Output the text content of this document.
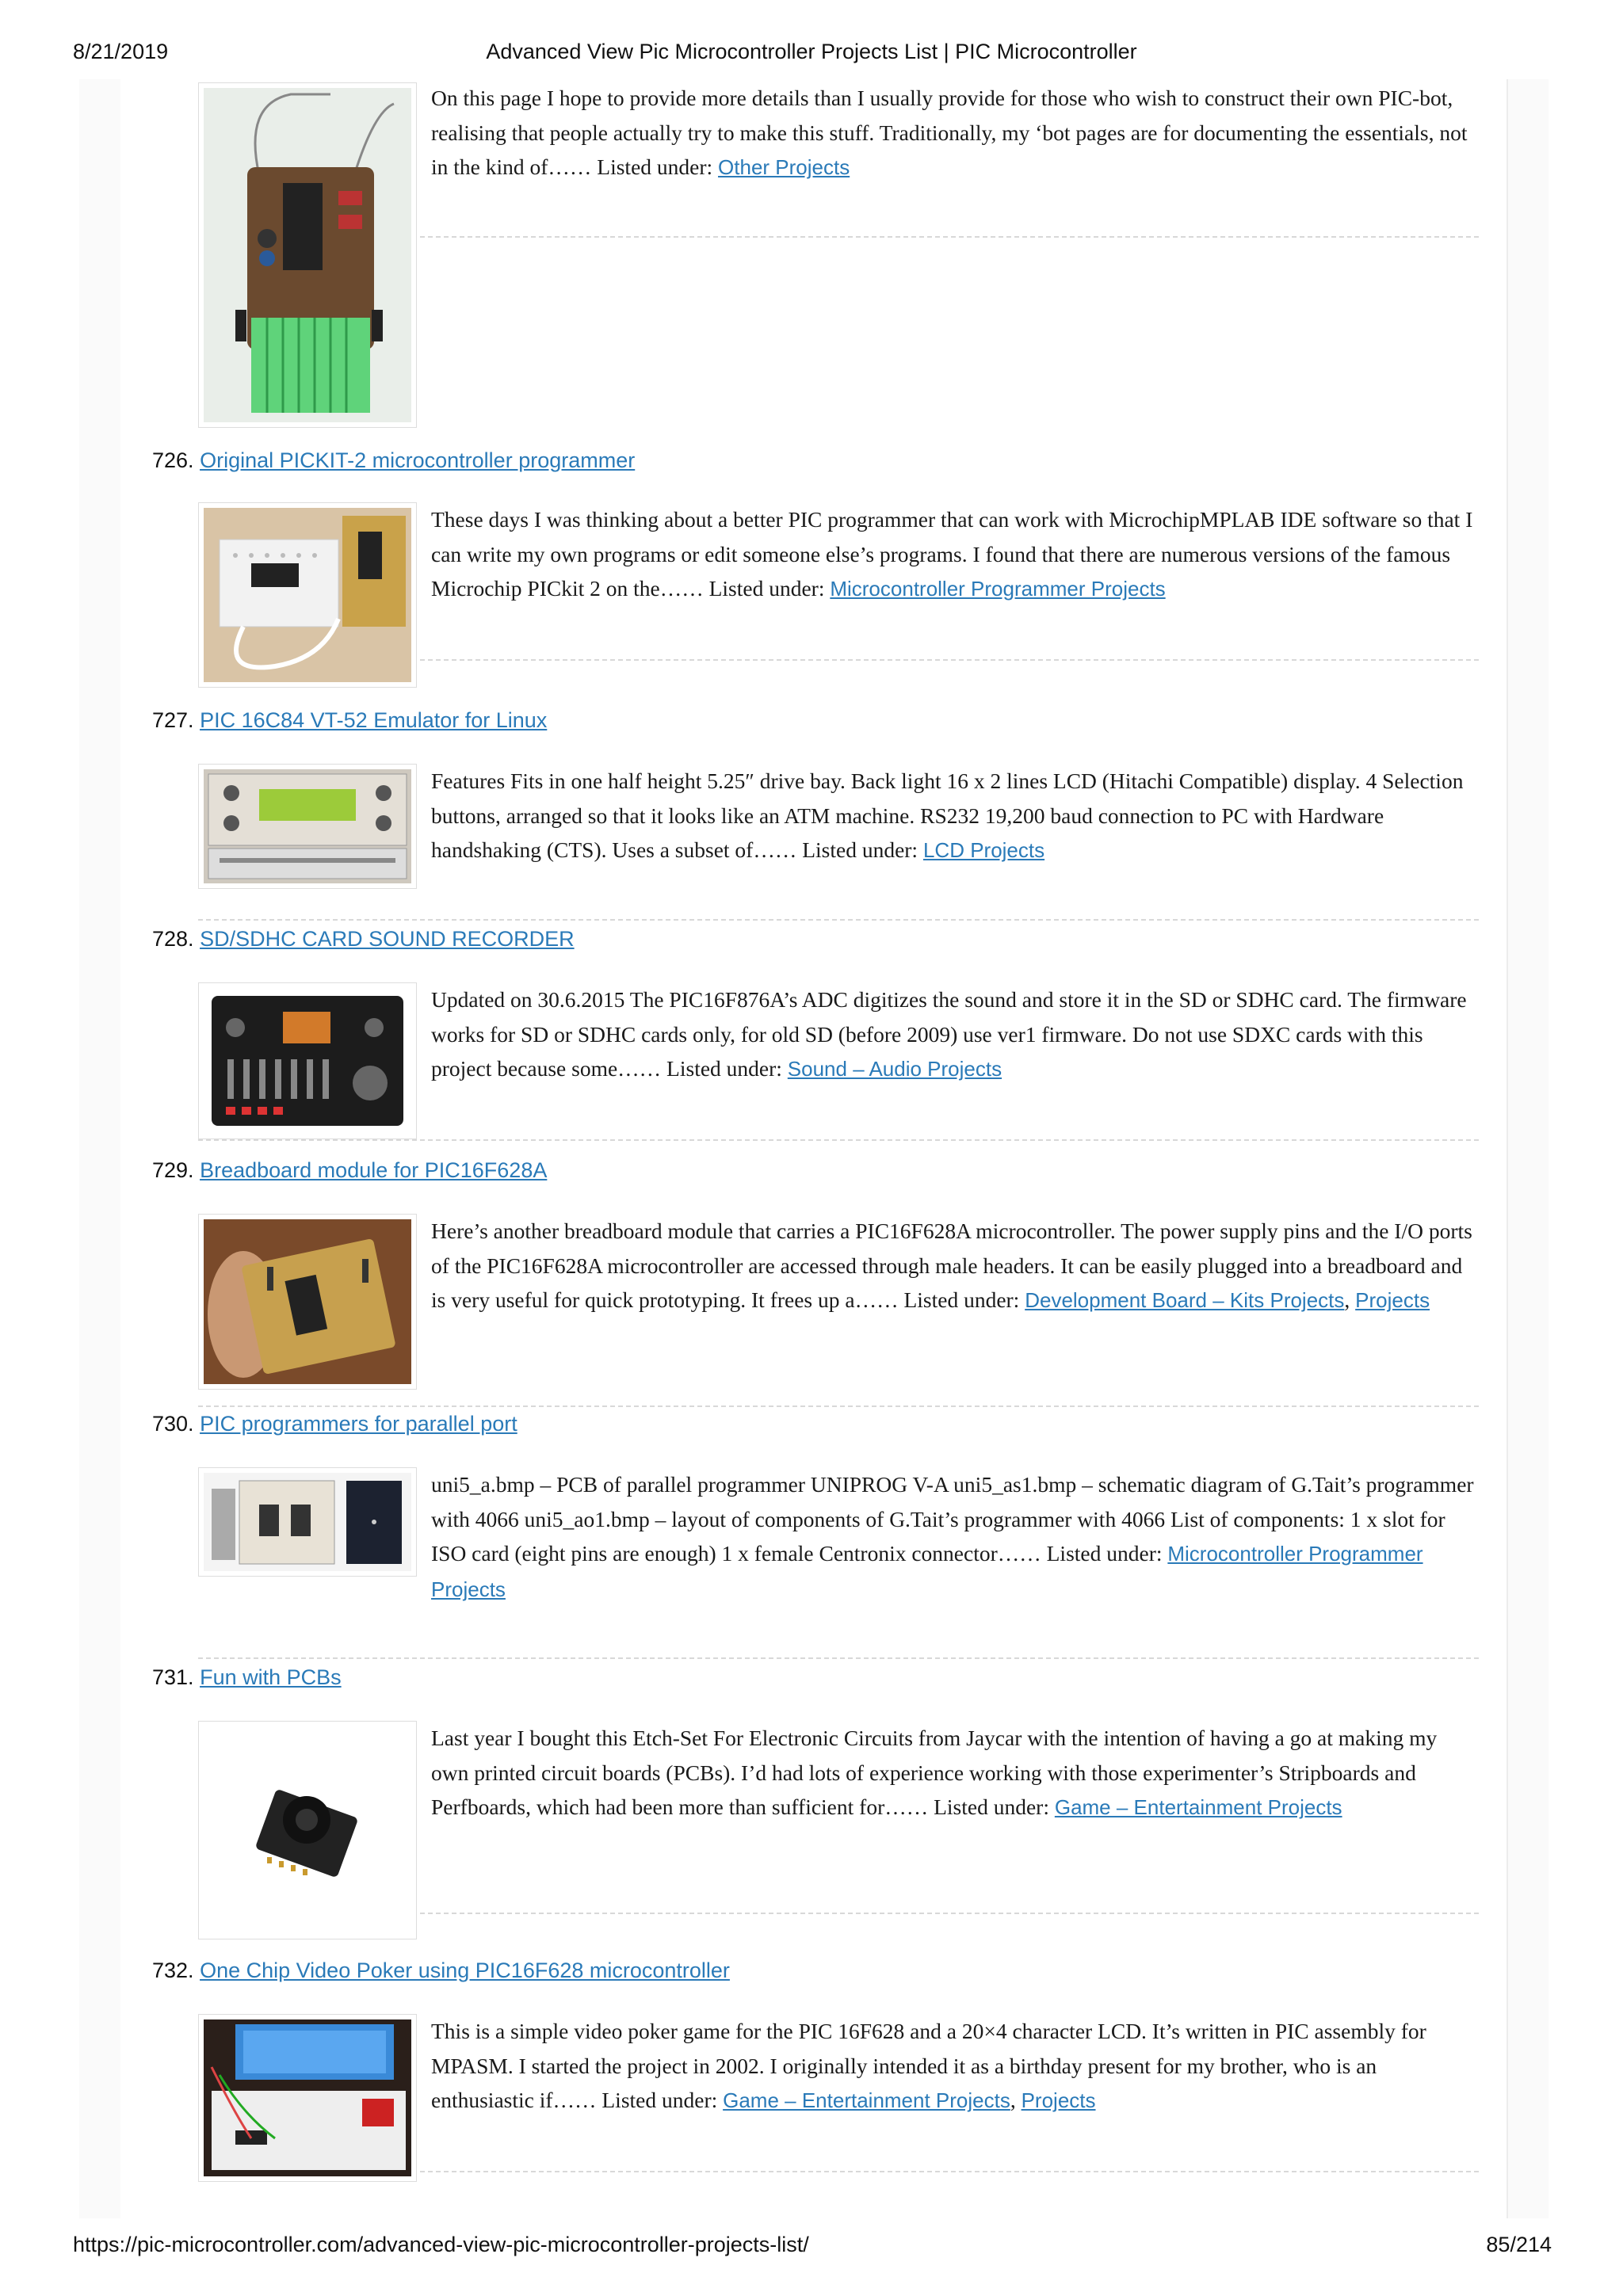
8/21/2019	Advanced View Pic Microcontroller Projects List | PIC Microcontroller

On this page I hope to provide more details than I usually provide for those who wish to construct their own PIC-bot, realising that people actually try to make this stuff. Traditionally, my ‘bot pages are for documenting the essentials, not in the kind of…… Listed under: Other Projects

726. Original PICKIT-2 microcontroller programmer

These days I was thinking about a better PIC programmer that can work with MicrochipMPLAB IDE software so that I can write my own programs or edit someone else’s programs. I found that there are numerous versions of the famous Microchip PICkit 2 on the…… Listed under: Microcontroller Programmer Projects

727. PIC 16C84 VT-52 Emulator for Linux

Features Fits in one half height 5.25″ drive bay. Back light 16 x 2 lines LCD (Hitachi Compatible) display. 4 Selection buttons, arranged so that it looks like an ATM machine. RS232 19,200 baud connection to PC with Hardware handshaking (CTS). Uses a subset of…… Listed under: LCD Projects

728. SD/SDHC CARD SOUND RECORDER

Updated on 30.6.2015 The PIC16F876A’s ADC digitizes the sound and store it in the SD or SDHC card. The firmware works for SD or SDHC cards only, for old SD (before 2009) use ver1 firmware. Do not use SDXC cards with this project because some…… Listed under: Sound – Audio Projects

729. Breadboard module for PIC16F628A

Here’s another breadboard module that carries a PIC16F628A microcontroller. The power supply pins and the I/O ports of the PIC16F628A microcontroller are accessed through male headers. It can be easily plugged into a breadboard and is very useful for quick prototyping. It frees up a…… Listed under: Development Board – Kits Projects, Projects

730. PIC programmers for parallel port

uni5_a.bmp – PCB of parallel programmer UNIPROG V-A uni5_as1.bmp – schematic diagram of G.Tait’s programmer with 4066 uni5_ao1.bmp – layout of components of G.Tait’s programmer with 4066 List of components: 1 x slot for ISO card (eight pins are enough) 1 x female Centronix connector…… Listed under: Microcontroller Programmer Projects

731. Fun with PCBs

Last year I bought this Etch-Set For Electronic Circuits from Jaycar with the intention of having a go at making my own printed circuit boards (PCBs). I’d had lots of experience working with those experimenter’s Stripboards and Perfboards, which had been more than sufficient for…… Listed under: Game – Entertainment Projects

732. One Chip Video Poker using PIC16F628 microcontroller

This is a simple video poker game for the PIC 16F628 and a 20×4 character LCD. It’s written in PIC assembly for MPASM. I started the project in 2002. I originally intended it as a birthday present for my brother, who is an enthusiastic if…… Listed under: Game – Entertainment Projects, Projects

https://pic-microcontroller.com/advanced-view-pic-microcontroller-projects-list/	85/214
